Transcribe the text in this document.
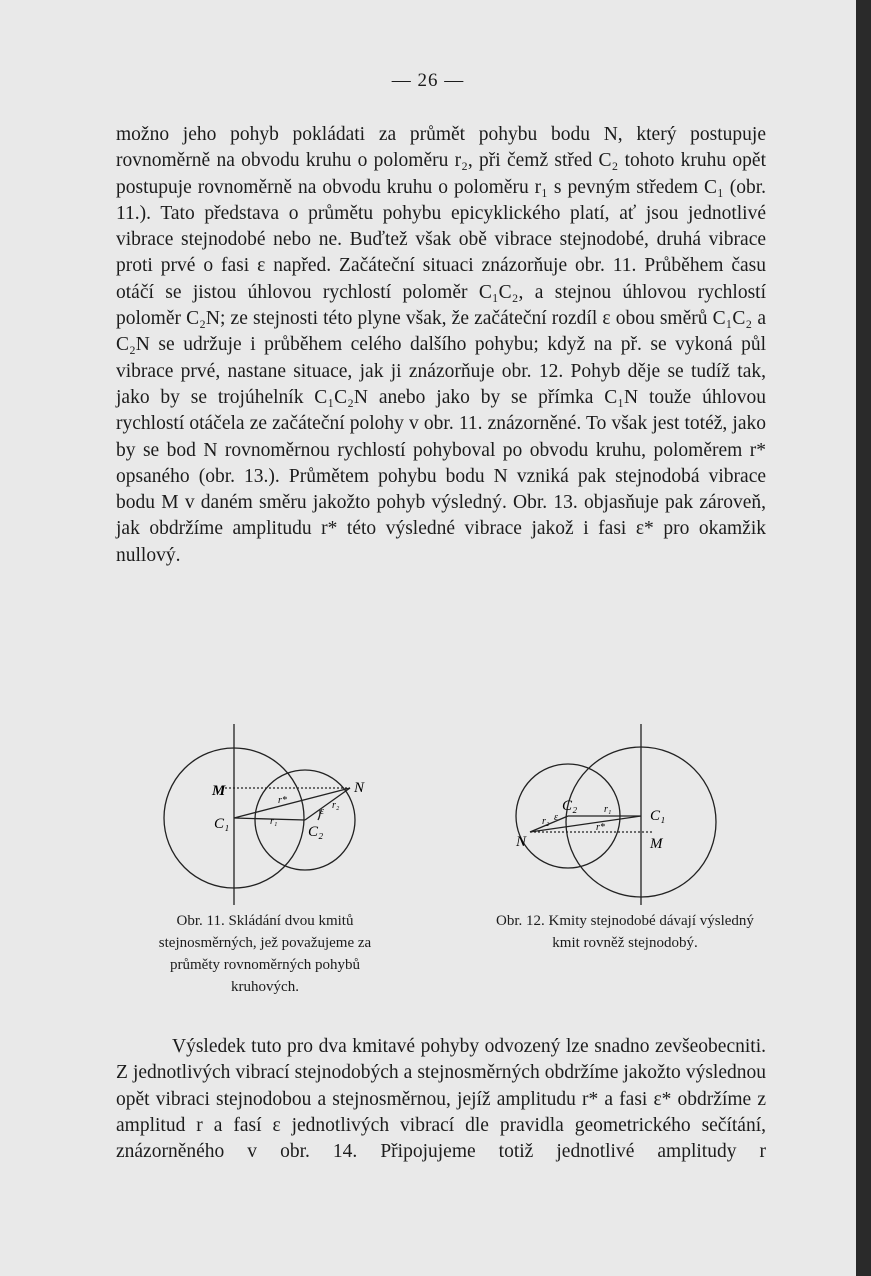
— 26 —

možno jeho pohyb pokládati za průmět pohybu bodu N, který postupuje rovnoměrně na obvodu kruhu o poloměru r₂, při čemž střed C₂ tohoto kruhu opět postupuje rovnoměrně na obvodu kruhu o poloměru r₁ s pevným středem C₁ (obr. 11.). Tato představa o průmětu pohybu epicyklického platí, ať jsou jednotlivé vibrace stejnodobé nebo ne. Buďtež však obě vibrace stejnodobé, druhá vibrace proti prvé o fasi ε napřed. Začáteční situaci znázorňuje obr. 11. Průběhem času otáčí se jistou úhlovou rychlostí poloměr C₁C₂, a stejnou úhlovou rychlostí poloměr C₂N; ze stejnosti této plyne však, že začáteční rozdíl ε obou směrů C₁C₂ a C₂N se udržuje i průběhem celého dalšího pohybu; když na př. se vykoná půl vibrace prvé, nastane situace, jak ji znázorňuje obr. 12. Pohyb děje se tudíž tak, jako by se trojúhelník C₁C₂N anebo jako by se přímka C₁N touže úhlovou rychlostí otáčela ze začáteční polohy v obr. 11. znázorněné. To však jest totéž, jako by se bod N rovnoměrnou rychlostí pohyboval po obvodu kruhu, poloměrem r* opsaného (obr. 13.). Průmětem pohybu bodu N vzniká pak stejnodobá vibrace bodu M v daném směru jakožto pohyb výsledný. Obr. 13. objasňuje pak zároveň, jak obdržíme amplitudu r* této výsledné vibrace jakož i fasi ε* pro okamžik nullový.

M	N
C₁	C₂
r*
r₁
r₂
ε
N	M
C₁
C₂
r*
r₁
r₂ ε

Obr. 11. Skládání dvou kmitů stejnosměrných, jež považujeme za průměty rovnoměrných pohybů kruhových.

Obr. 12. Kmity stejnodobé dávají výsledný kmit rovněž stejnodobý.

Výsledek tuto pro dva kmitavé pohyby odvozený lze snadno zevšeobecniti. Z jednotlivých vibrací stejnodobých a stejnosměrných obdržíme jakožto výslednou opět vibraci stejnodobou a stejnosměrnou, jejíž amplitudu r* a fasi ε* obdržíme z amplitud r a fasí ε jednotlivých vibrací dle pravidla geometrického sečítání, znázorněného v obr. 14. Připojujeme totiž jednotlivé amplitudy r
